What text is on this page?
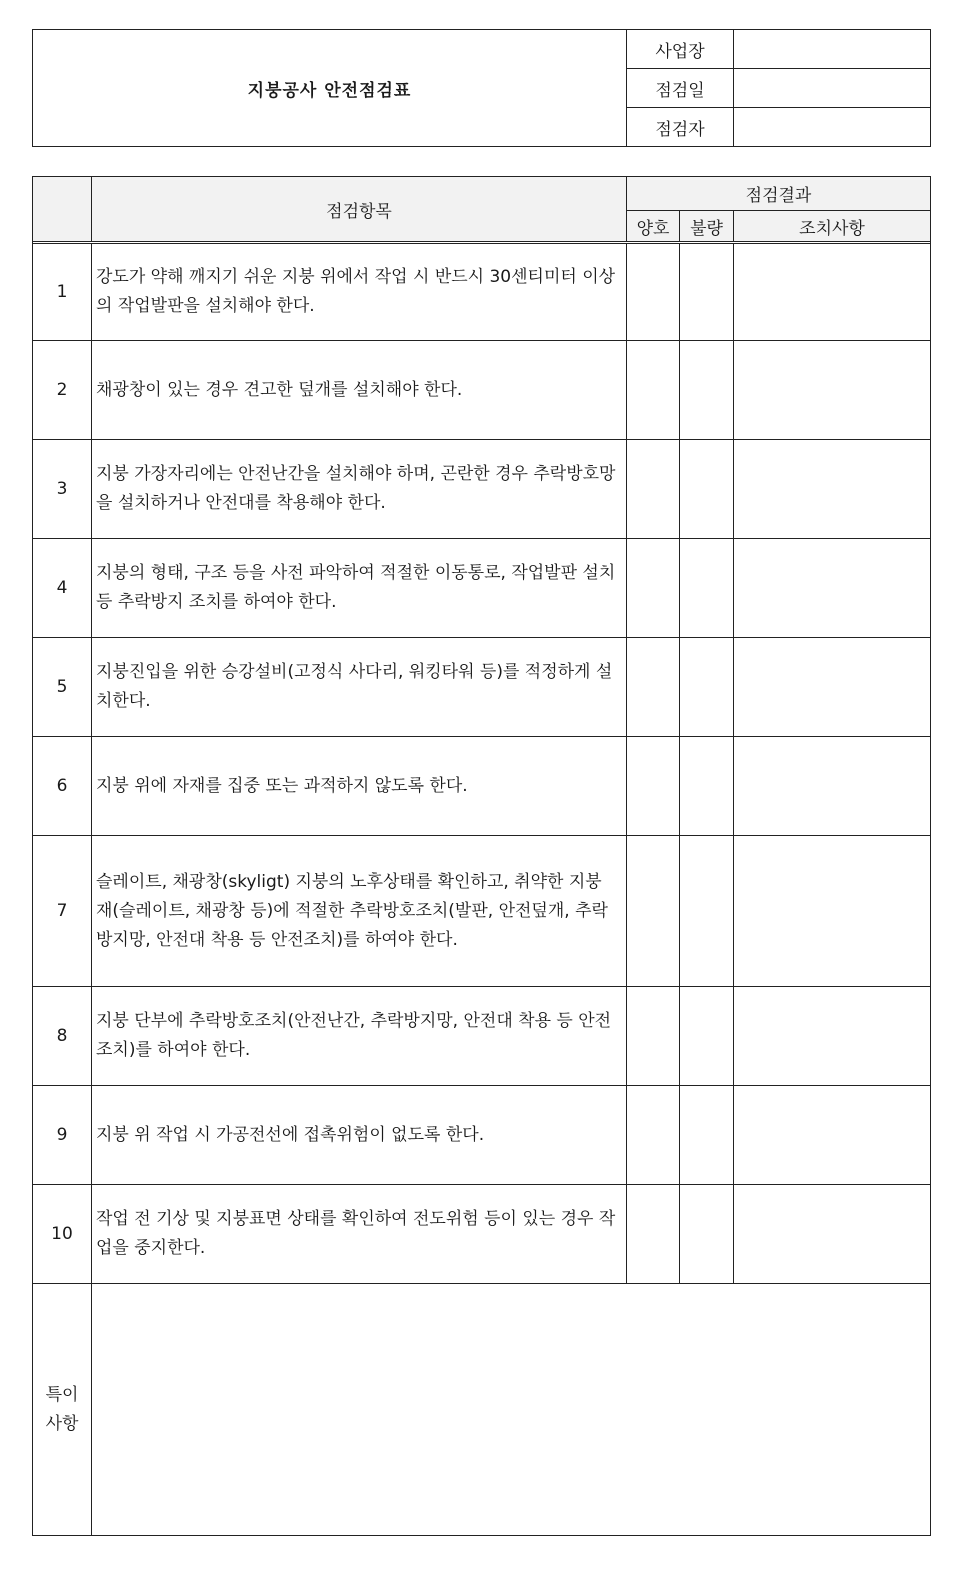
지붕공사 안전점검표	사업장	
	점검일	
	점검자	
	점검항목	점검결과		
		양호	불량	조치사항

1	강도가 약해 깨지기 쉬운 지붕 위에서 작업 시 반드시 30센티미터 이상의 작업발판을 설치해야 한다.			
2	채광창이 있는 경우 견고한 덮개를 설치해야 한다.			
3	지붕 가장자리에는 안전난간을 설치해야 하며, 곤란한 경우 추락방호망을 설치하거나 안전대를 착용해야 한다.			
4	지붕의 형태, 구조 등을 사전 파악하여 적절한 이동통로, 작업발판 설치 등 추락방지 조치를 하여야 한다.			
5	지붕진입을 위한 승강설비(고정식 사다리, 워킹타워 등)를 적정하게 설치한다.			
6	지붕 위에 자재를 집중 또는 과적하지 않도록 한다.			
7	슬레이트, 채광창(skyligt) 지붕의 노후상태를 확인하고, 취약한 지붕재(슬레이트, 채광창 등)에 적절한 추락방호조치(발판, 안전덮개, 추락방지망, 안전대 착용 등 안전조치)를 하여야 한다.			
8	지붕 단부에 추락방호조치(안전난간, 추락방지망, 안전대 착용 등 안전조치)를 하여야 한다.			
9	지붕 위 작업 시 가공전선에 접촉위험이 없도록 한다.			
10	작업 전 기상 및 지붕표면 상태를 확인하여 전도위험 등이 있는 경우 작업을 중지한다.			
특이 사항				
